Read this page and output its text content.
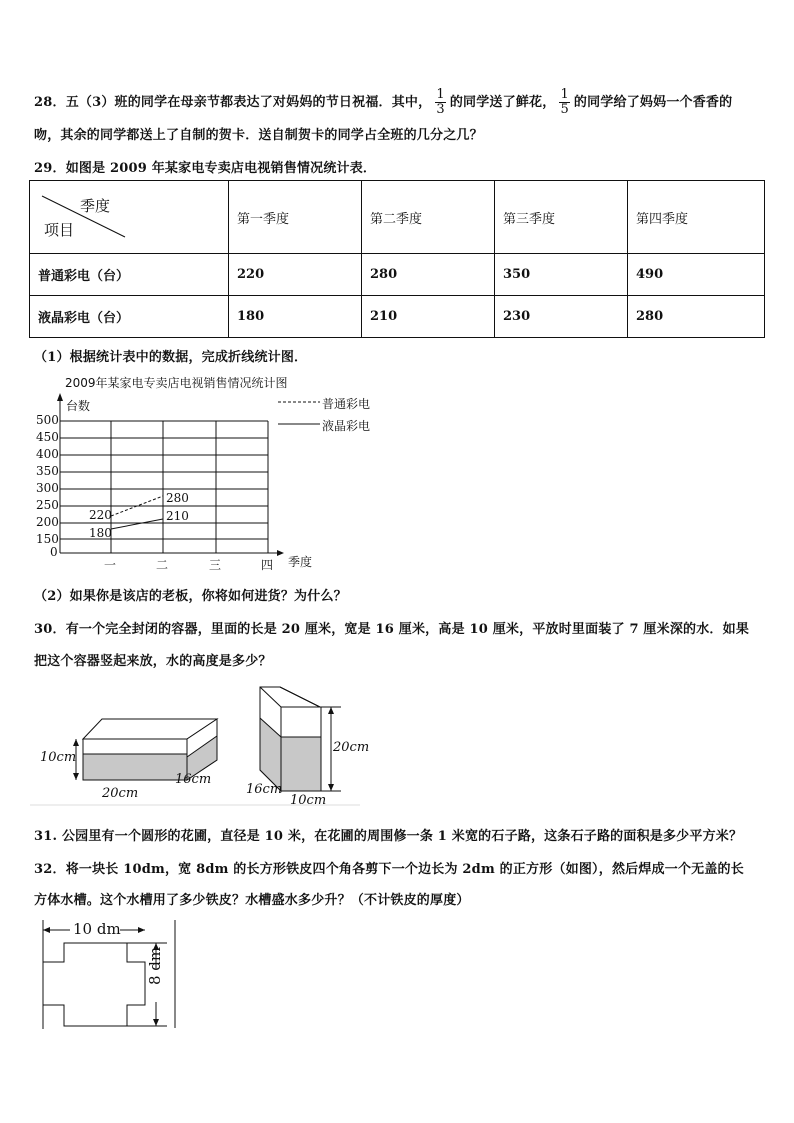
28．五（3）班的同学在母亲节都表达了对妈妈的节日祝福．其中， $\frac{1}{3}$ 的同学送了鲜花， $\frac{1}{5}$ 的同学给了妈妈一个香香的
吻，其余的同学都送上了自制的贺卡．送自制贺卡的同学占全班的几分之几？
29．如图是 2009 年某家电专卖店电视销售情况统计表．
季度
项目	第一季度	第二季度	第三季度	第四季度
普通彩电（台）	220	280	350	490
液晶彩电（台）	180	210	230	280
（1）根据统计表中的数据，完成折线统计图．
2009年某家电专卖店电视销售情况统计图
台数
500
450
400
350
300
250
200
150
0
一	二	三	四 季度
220
280
180
210
普通彩电
液晶彩电
（2）如果你是该店的老板，你将如何进货？为什么？
30．有一个完全封闭的容器，里面的长是 20 厘米，宽是 16 厘米，高是 10 厘米，平放时里面装了 7 厘米深的水．如果
把这个容器竖起来放，水的高度是多少？
10cm
20cm
16cm
20cm
16cm
10cm
31. 公园里有一个圆形的花圃，直径是 10 米，在花圃的周围修一条 1 米宽的石子路，这条石子路的面积是多少平方米？
32．将一块长 10dm，宽 8dm 的长方形铁皮四个角各剪下一个边长为 2dm 的正方形（如图），然后焊成一个无盖的长
方体水槽。这个水槽用了多少铁皮？水槽盛水多少升？（不计铁皮的厚度）
10 dm
8 dm
